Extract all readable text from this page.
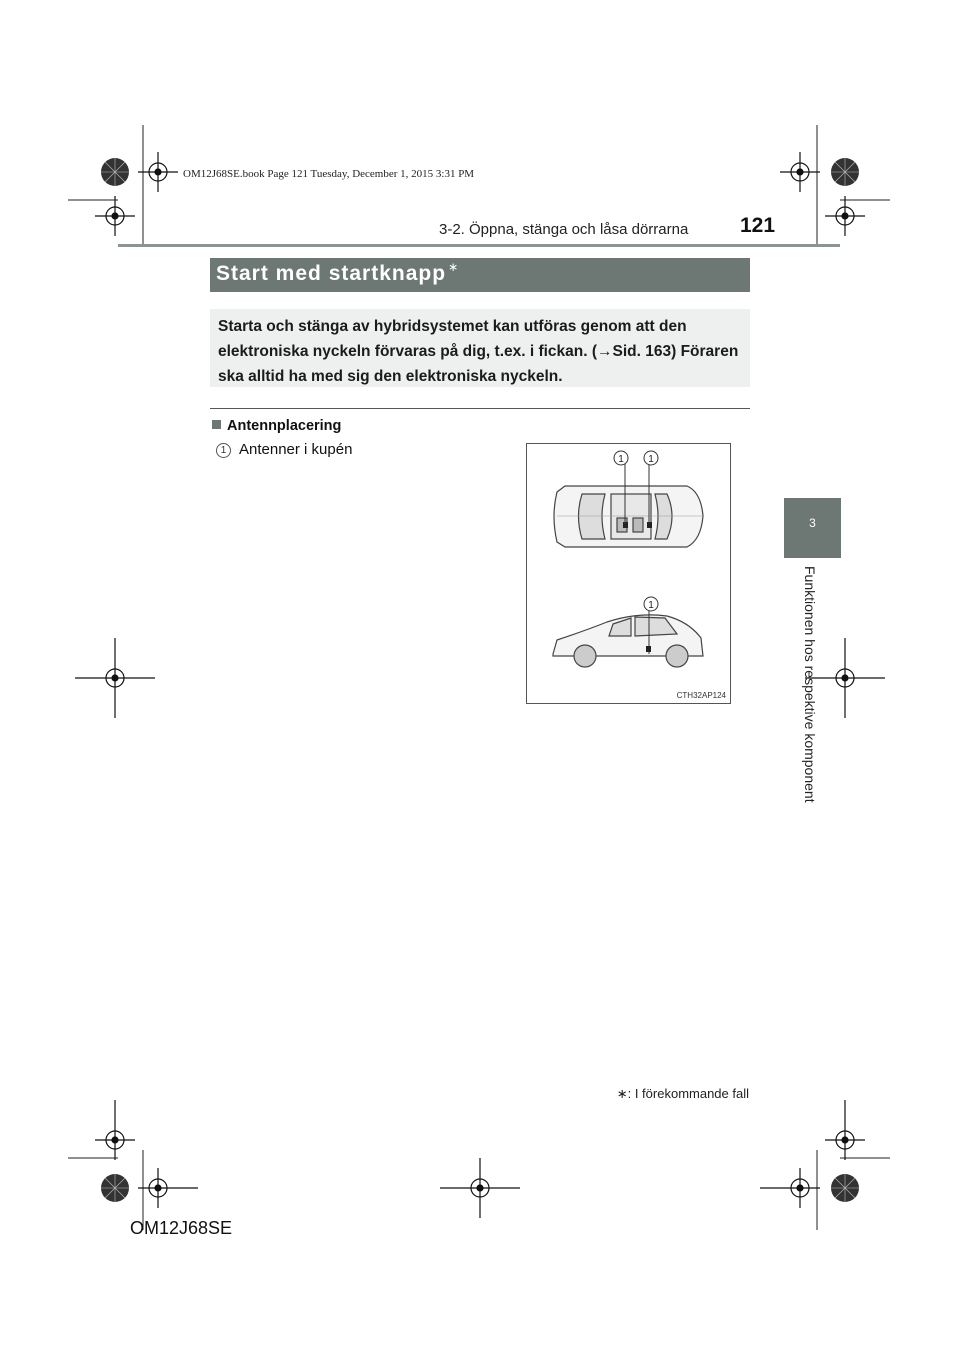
OM12J68SE.book Page 121 Tuesday, December 1, 2015 3:31 PM
3-2. Öppna, stänga och låsa dörrarna 121
Start med startknapp ∗
Starta och stänga av hybridsystemet kan utföras genom att den elektroniska nyckeln förvaras på dig, t.ex. i fickan. (→Sid. 163) Föraren ska alltid ha med sig den elektroniska nyckeln.
Antennplacering
1 Antenner i kupén
1 1
1
CTH32AP124
3
Funktionen hos respektive komponent
∗: I förekommande fall
OM12J68SE
